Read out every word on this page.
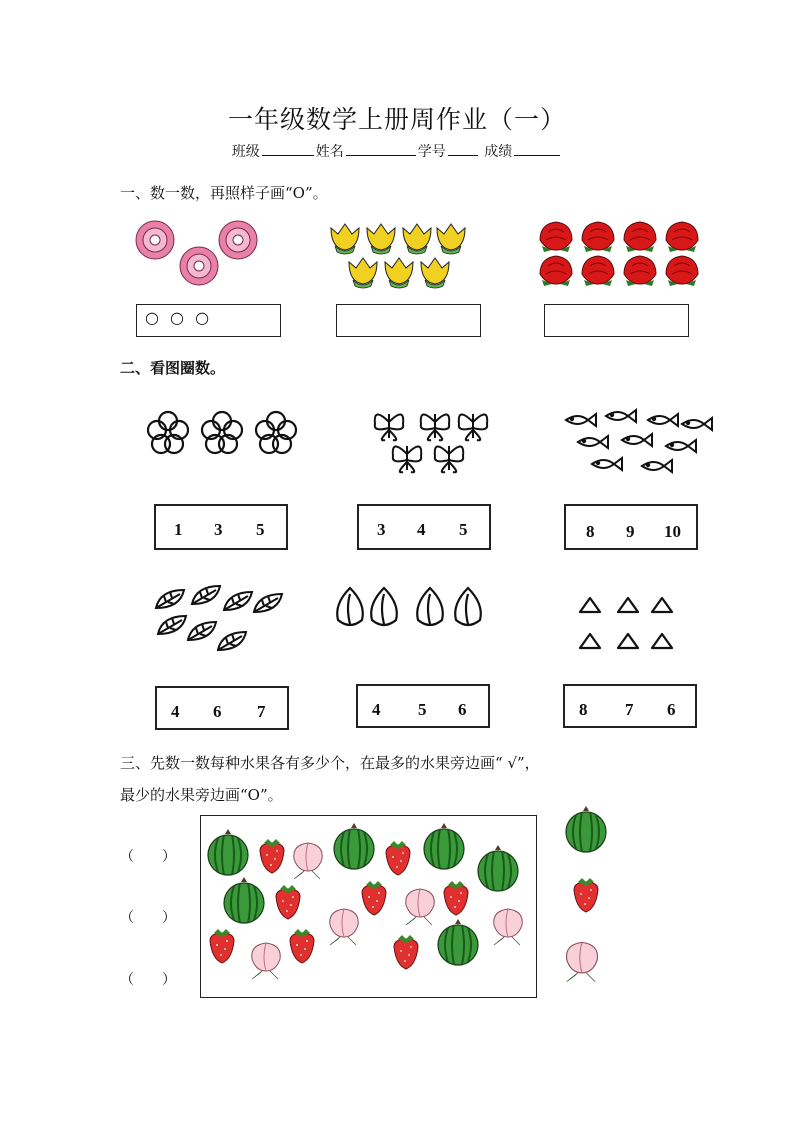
一年级数学上册周作业（一）
班级	姓名	学号	成绩
一、数一数，再照样子画“O”。
○ ○ ○
二、看图圈数。
1 3 5	3 4 5	8 9 10
4 6 7	4 5 6	8 7 6
三、先数一数每种水果各有多少个，在最多的水果旁边画“ √”，
最少的水果旁边画“O”。
（　　）
（　　）
（　　）
